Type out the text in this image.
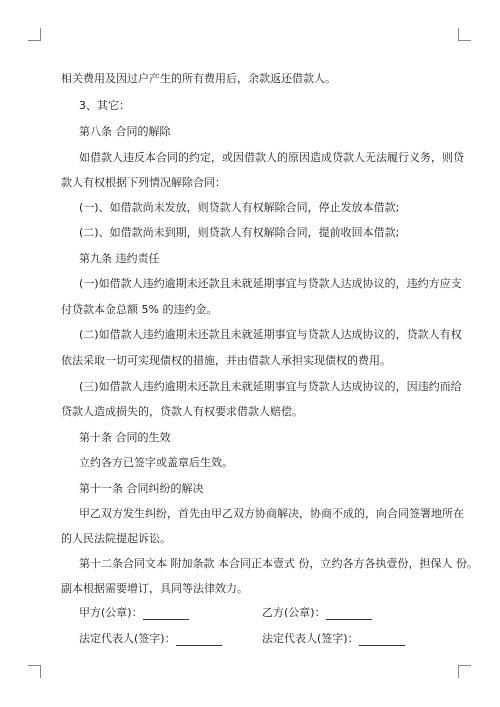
相关费用及因过户产生的所有费用后，余款返还借款人。
3、其它：
第八条 合同的解除
如借款人违反本合同的约定，或因借款人的原因造成贷款人无法履行义务，则贷
款人有权根据下列情况解除合同：
(一)、如借款尚未发放，则贷款人有权解除合同，停止发放本借款;
(二)、如借款尚未到期，则贷款人有权解除合同，提前收回本借款;
第九条 违约责任
(一)如借款人违约逾期未还款且未就延期事宜与贷款人达成协议的，违约方应支
付贷款本金总额 5% 的违约金。
(二)如借款人违约逾期未还款且未就延期事宜与贷款人达成协议的，贷款人有权
依法采取一切可实现债权的措施，并由借款人承担实现债权的费用。
(三)如借款人违约逾期未还款且未就延期事宜与贷款人达成协议的，因违约而给
贷款人造成损失的，贷款人有权要求借款人赔偿。
第十条 合同的生效
立约各方已签字或盖章后生效。
第十一条 合同纠纷的解决
甲乙双方发生纠纷，首先由甲乙双方协商解决，协商不成的，向合同签署地所在
的人民法院提起诉讼。
第十二条合同文本 附加条款 本合同正本壹式 份，立约各方各执壹份，担保人 份。
副本根据需要增订，具同等法律效力。
甲方(公章)：	乙方(公章)：
法定代表人(签字)：	法定代表人(签字)：
